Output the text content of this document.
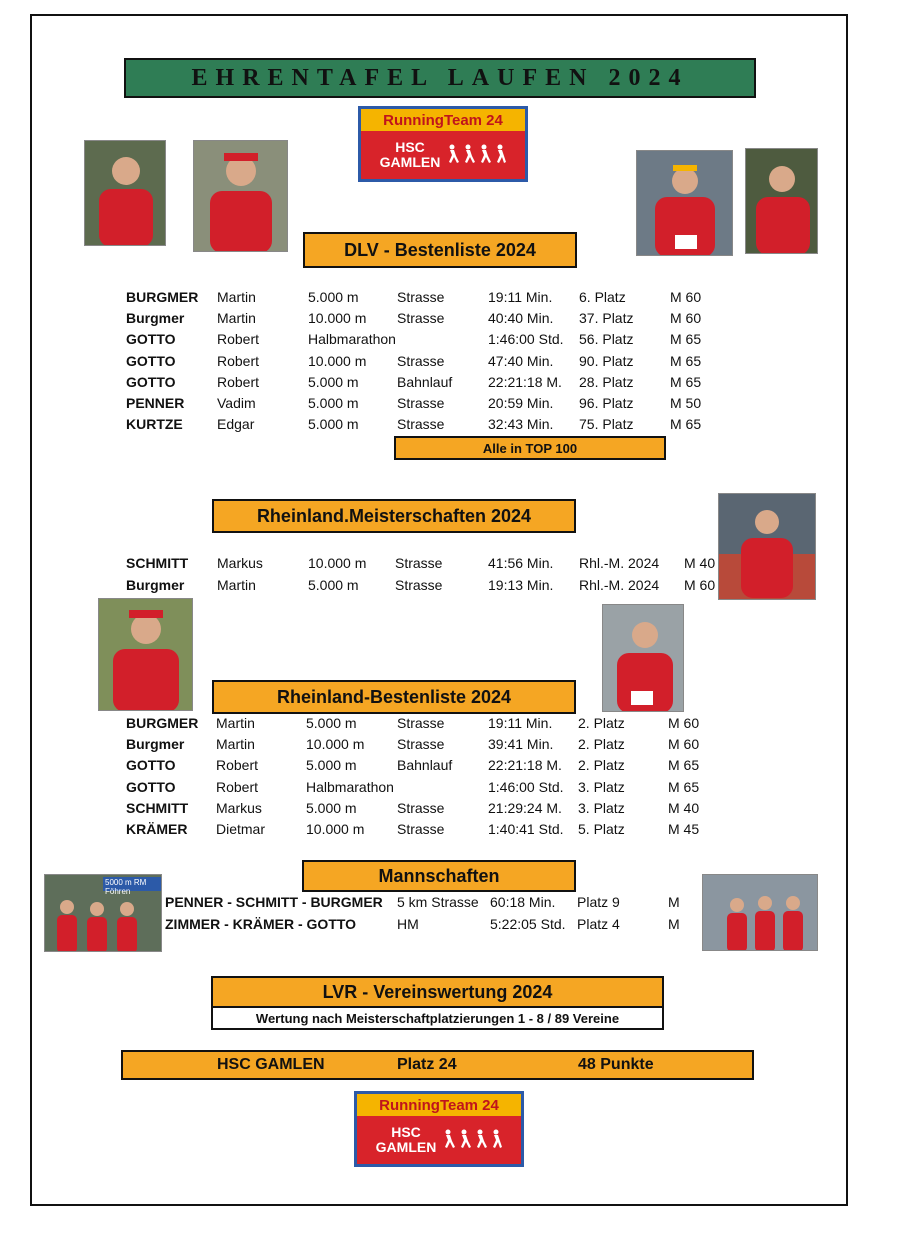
EHRENTAFEL LAUFEN 2024
RunningTeam 24
HSC
GAMLEN
DLV - Bestenliste 2024
BURGMER Martin	5.000 m	Strasse	19:11 Min. 6. Platz	M 60
Burgmer Martin	10.000 m Strasse	40:40 Min. 37. Platz	M 60
GOTTO	Robert	Halbmarathon	1:46:00 Std. 56. Platz	M 65
GOTTO	Robert	10.000 m Strasse	47:40 Min. 90. Platz	M 65
GOTTO	Robert	5.000 m	Bahnlauf	22:21:18 M. 28. Platz	M 65
PENNER Vadim	5.000 m	Strasse	20:59 Min. 96. Platz	M 50
KURTZE Edgar	5.000 m	Strasse	32:43 Min. 75. Platz	M 65
Alle in TOP 100
Rheinland.Meisterschaften 2024
SCHMITT Markus	10.000 m Strasse	41:56 Min. Rhl.-M. 2024 M 40
Burgmer Martin	5.000 m	Strasse	19:13 Min. Rhl.-M. 2024 M 60
Rheinland-Bestenliste 2024
BURGMER Martin	5.000 m	Strasse	19:11 Min. 2. Platz	M 60
Burgmer Martin	10.000 m Strasse	39:41 Min. 2. Platz	M 60
GOTTO	Robert	5.000 m	Bahnlauf	22:21:18 M. 2. Platz	M 65
GOTTO	Robert	Halbmarathon	1:46:00 Std. 3. Platz	M 65
SCHMITT Markus	5.000 m	Strasse	21:29:24 M. 3. Platz	M 40
KRÄMER Dietmar	10.000 m Strasse	1:40:41 Std. 5. Platz	M 45
Mannschaften
5000 m RM Föhren
PENNER - SCHMITT - BURGMER 5 km Strasse 60:18 Min. Platz 9	M
ZIMMER - KRÄMER - GOTTO	HM	5:22:05 Std. Platz 4	M
LVR - Vereinswertung 2024
Wertung nach Meisterschaftplatzierungen 1 - 8 / 89 Vereine
HSC GAMLEN	Platz 24	48 Punkte
RunningTeam 24
HSC
GAMLEN
